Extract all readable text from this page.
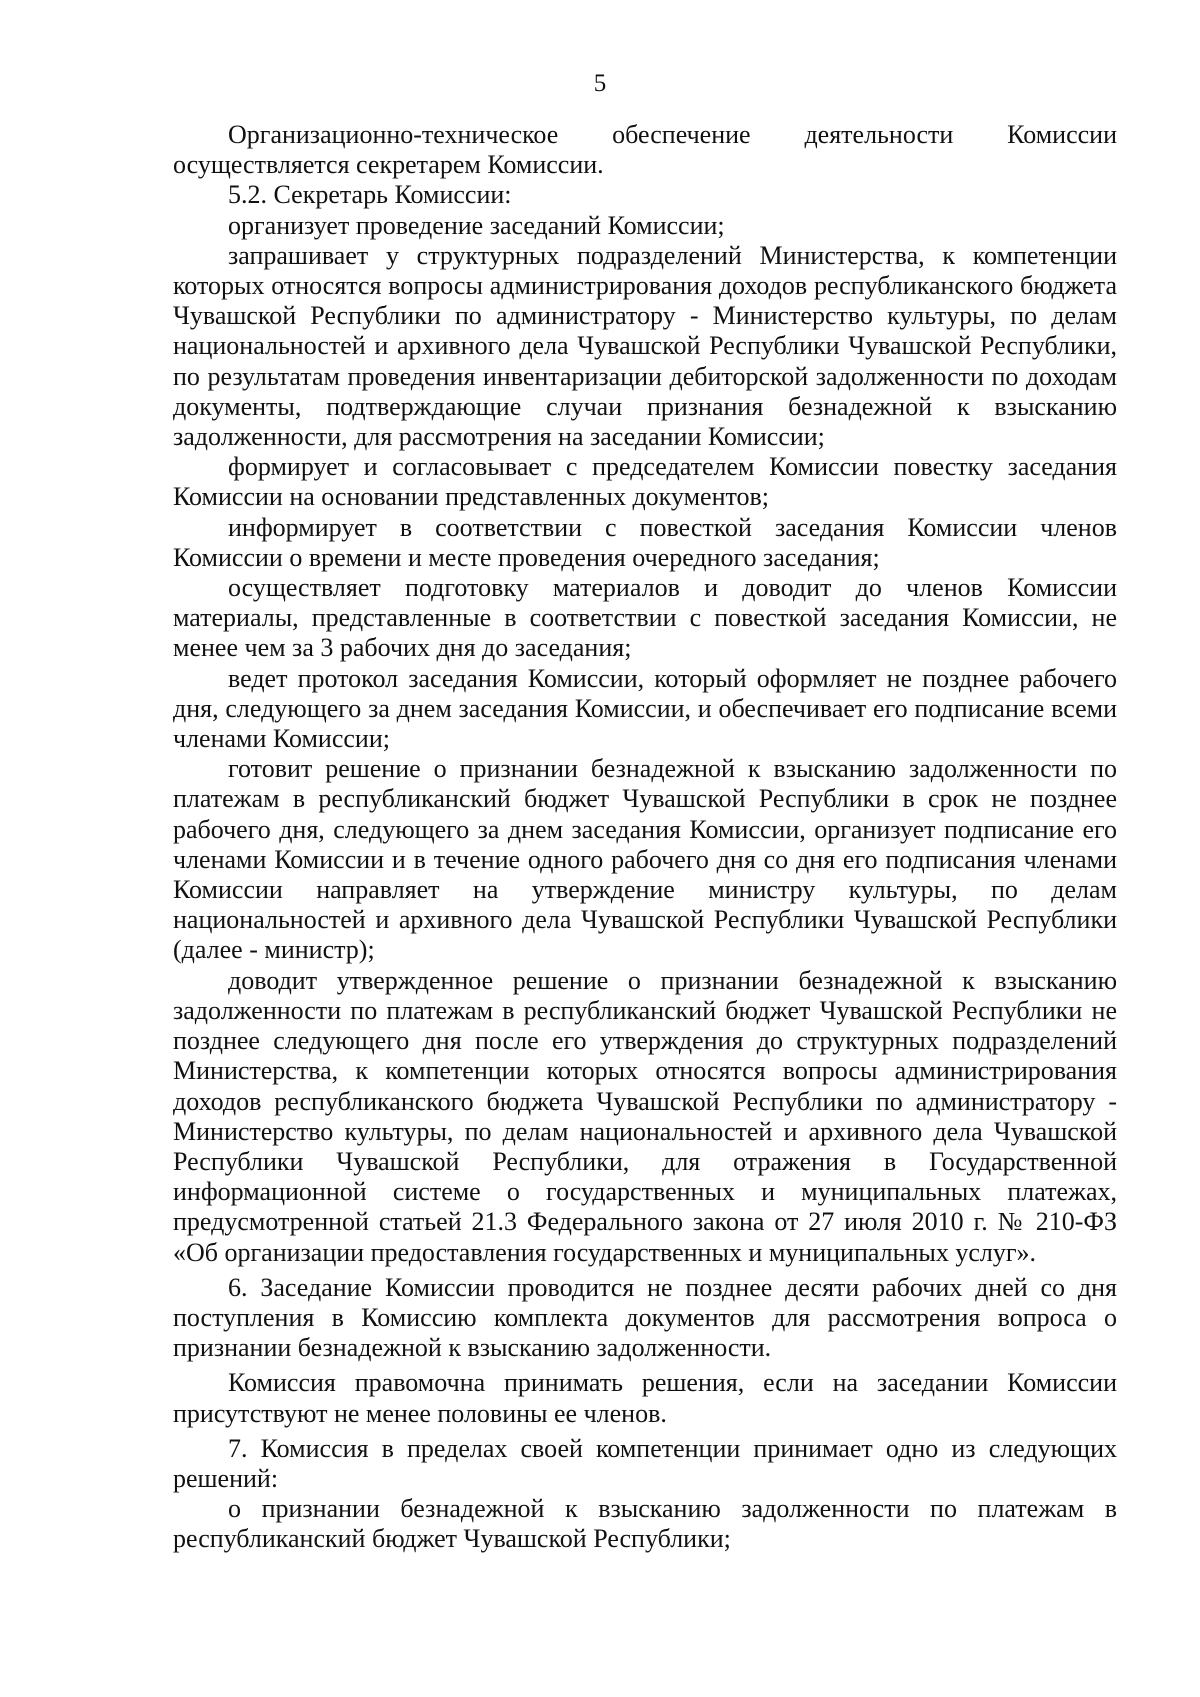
5

Организационно-техническое обеспечение деятельности Комиссии осуществляется секретарем Комиссии.

5.2. Секретарь Комиссии:

организует проведение заседаний Комиссии;

запрашивает у структурных подразделений Министерства, к компетенции которых относятся вопросы администрирования доходов республиканского бюджета Чувашской Республики по администратору - Министерство культуры, по делам национальностей и архивного дела Чувашской Республики Чувашской Республики, по результатам проведения инвентаризации дебиторской задолженности по доходам документы, подтверждающие случаи признания безнадежной к взысканию задолженности, для рассмотрения на заседании Комиссии;

формирует и согласовывает с председателем Комиссии повестку заседания Комиссии на основании представленных документов;

информирует в соответствии с повесткой заседания Комиссии членов Комиссии о времени и месте проведения очередного заседания;

осуществляет подготовку материалов и доводит до членов Комиссии материалы, представленные в соответствии с повесткой заседания Комиссии, не менее чем за 3 рабочих дня до заседания;

ведет протокол заседания Комиссии, который оформляет не позднее рабочего дня, следующего за днем заседания Комиссии, и обеспечивает его подписание всеми членами Комиссии;

готовит решение о признании безнадежной к взысканию задолженности по платежам в республиканский бюджет Чувашской Республики в срок не позднее рабочего дня, следующего за днем заседания Комиссии, организует подписание его членами Комиссии и в течение одного рабочего дня со дня его подписания членами Комиссии направляет на утверждение министру культуры, по делам национальностей и архивного дела Чувашской Республики Чувашской Республики (далее - министр);

доводит утвержденное решение о признании безнадежной к взысканию задолженности по платежам в республиканский бюджет Чувашской Республики не позднее следующего дня после его утверждения до структурных подразделений Министерства, к компетенции которых относятся вопросы администрирования доходов республиканского бюджета Чувашской Республики по администратору - Министерство культуры, по делам национальностей и архивного дела Чувашской Республики Чувашской Республики, для отражения в Государственной информационной системе о государственных и муниципальных платежах, предусмотренной статьей 21.3 Федерального закона от 27 июля 2010 г. № 210-ФЗ «Об организации предоставления государственных и муниципальных услуг».

6. Заседание Комиссии проводится не позднее десяти рабочих дней со дня поступления в Комиссию комплекта документов для рассмотрения вопроса о признании безнадежной к взысканию задолженности.

Комиссия правомочна принимать решения, если на заседании Комиссии присутствуют не менее половины ее членов.

7. Комиссия в пределах своей компетенции принимает одно из следующих решений:

о признании безнадежной к взысканию задолженности по платежам в республиканский бюджет Чувашской Республики;
